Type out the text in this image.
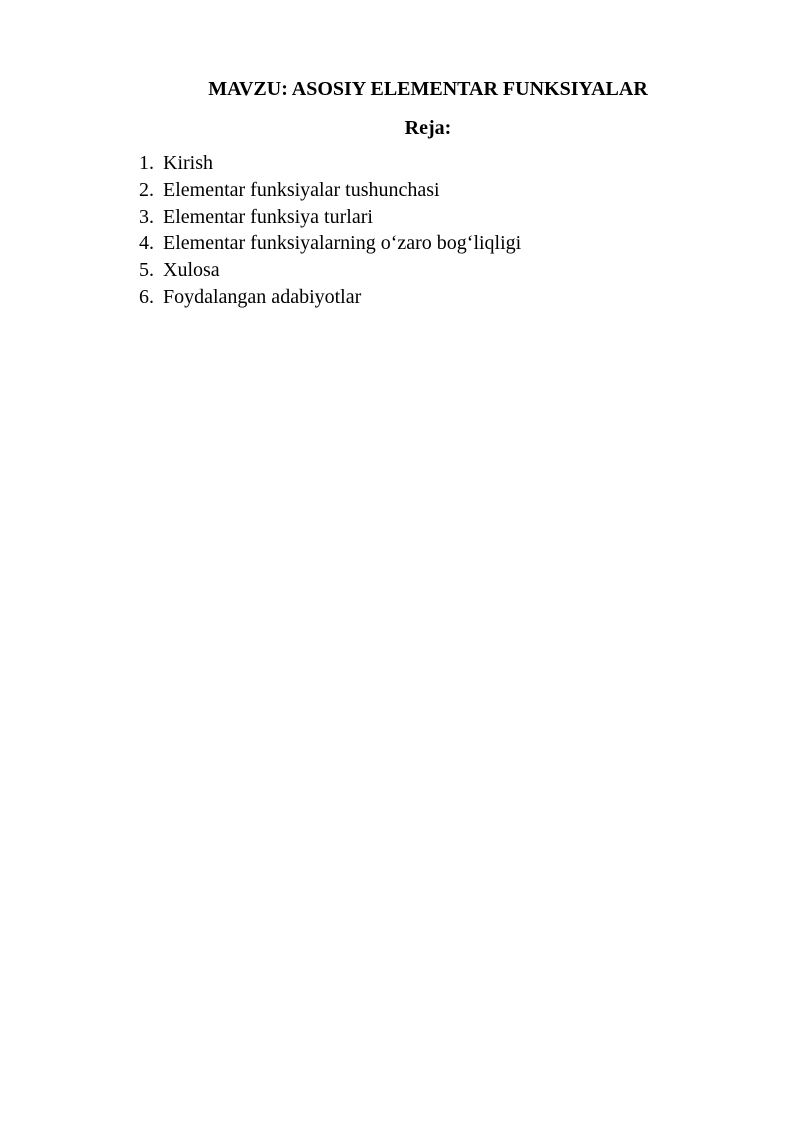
MAVZU: ASOSIY ELEMENTAR FUNKSIYALAR
Reja:
1. Kirish
2. Elementar funksiyalar tushunchasi
3. Elementar funksiya turlari
4. Elementar funksiyalarning o‘zaro bog‘liqligi
5. Xulosa
6. Foydalangan adabiyotlar
